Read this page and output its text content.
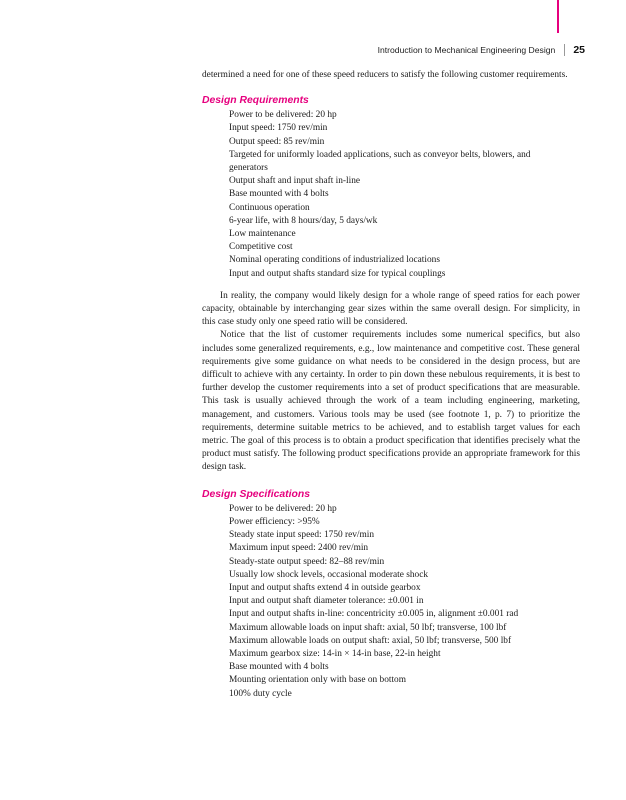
Introduction to Mechanical Engineering Design 25

determined a need for one of these speed reducers to satisfy the following customer requirements.

Design Requirements
Power to be delivered: 20 hp
Input speed: 1750 rev/min
Output speed: 85 rev/min
Targeted for uniformly loaded applications, such as conveyor belts, blowers, and generators
Output shaft and input shaft in-line
Base mounted with 4 bolts
Continuous operation
6-year life, with 8 hours/day, 5 days/wk
Low maintenance
Competitive cost
Nominal operating conditions of industrialized locations
Input and output shafts standard size for typical couplings

In reality, the company would likely design for a whole range of speed ratios for each power capacity, obtainable by interchanging gear sizes within the same overall design. For simplicity, in this case study only one speed ratio will be considered.

Notice that the list of customer requirements includes some numerical specifics, but also includes some generalized requirements, e.g., low maintenance and competitive cost. These general requirements give some guidance on what needs to be considered in the design process, but are difficult to achieve with any certainty. In order to pin down these nebulous requirements, it is best to further develop the customer requirements into a set of product specifications that are measurable. This task is usually achieved through the work of a team including engineering, marketing, management, and customers. Various tools may be used (see footnote 1, p. 7) to prioritize the requirements, determine suitable metrics to be achieved, and to establish target values for each metric. The goal of this process is to obtain a product specification that identifies precisely what the product must satisfy. The following product specifications provide an appropriate framework for this design task.

Design Specifications
Power to be delivered: 20 hp
Power efficiency: >95%
Steady state input speed: 1750 rev/min
Maximum input speed: 2400 rev/min
Steady-state output speed: 82–88 rev/min
Usually low shock levels, occasional moderate shock
Input and output shafts extend 4 in outside gearbox
Input and output shaft diameter tolerance: ±0.001 in
Input and output shafts in-line: concentricity ±0.005 in, alignment ±0.001 rad
Maximum allowable loads on input shaft: axial, 50 lbf; transverse, 100 lbf
Maximum allowable loads on output shaft: axial, 50 lbf; transverse, 500 lbf
Maximum gearbox size: 14-in × 14-in base, 22-in height
Base mounted with 4 bolts
Mounting orientation only with base on bottom
100% duty cycle
